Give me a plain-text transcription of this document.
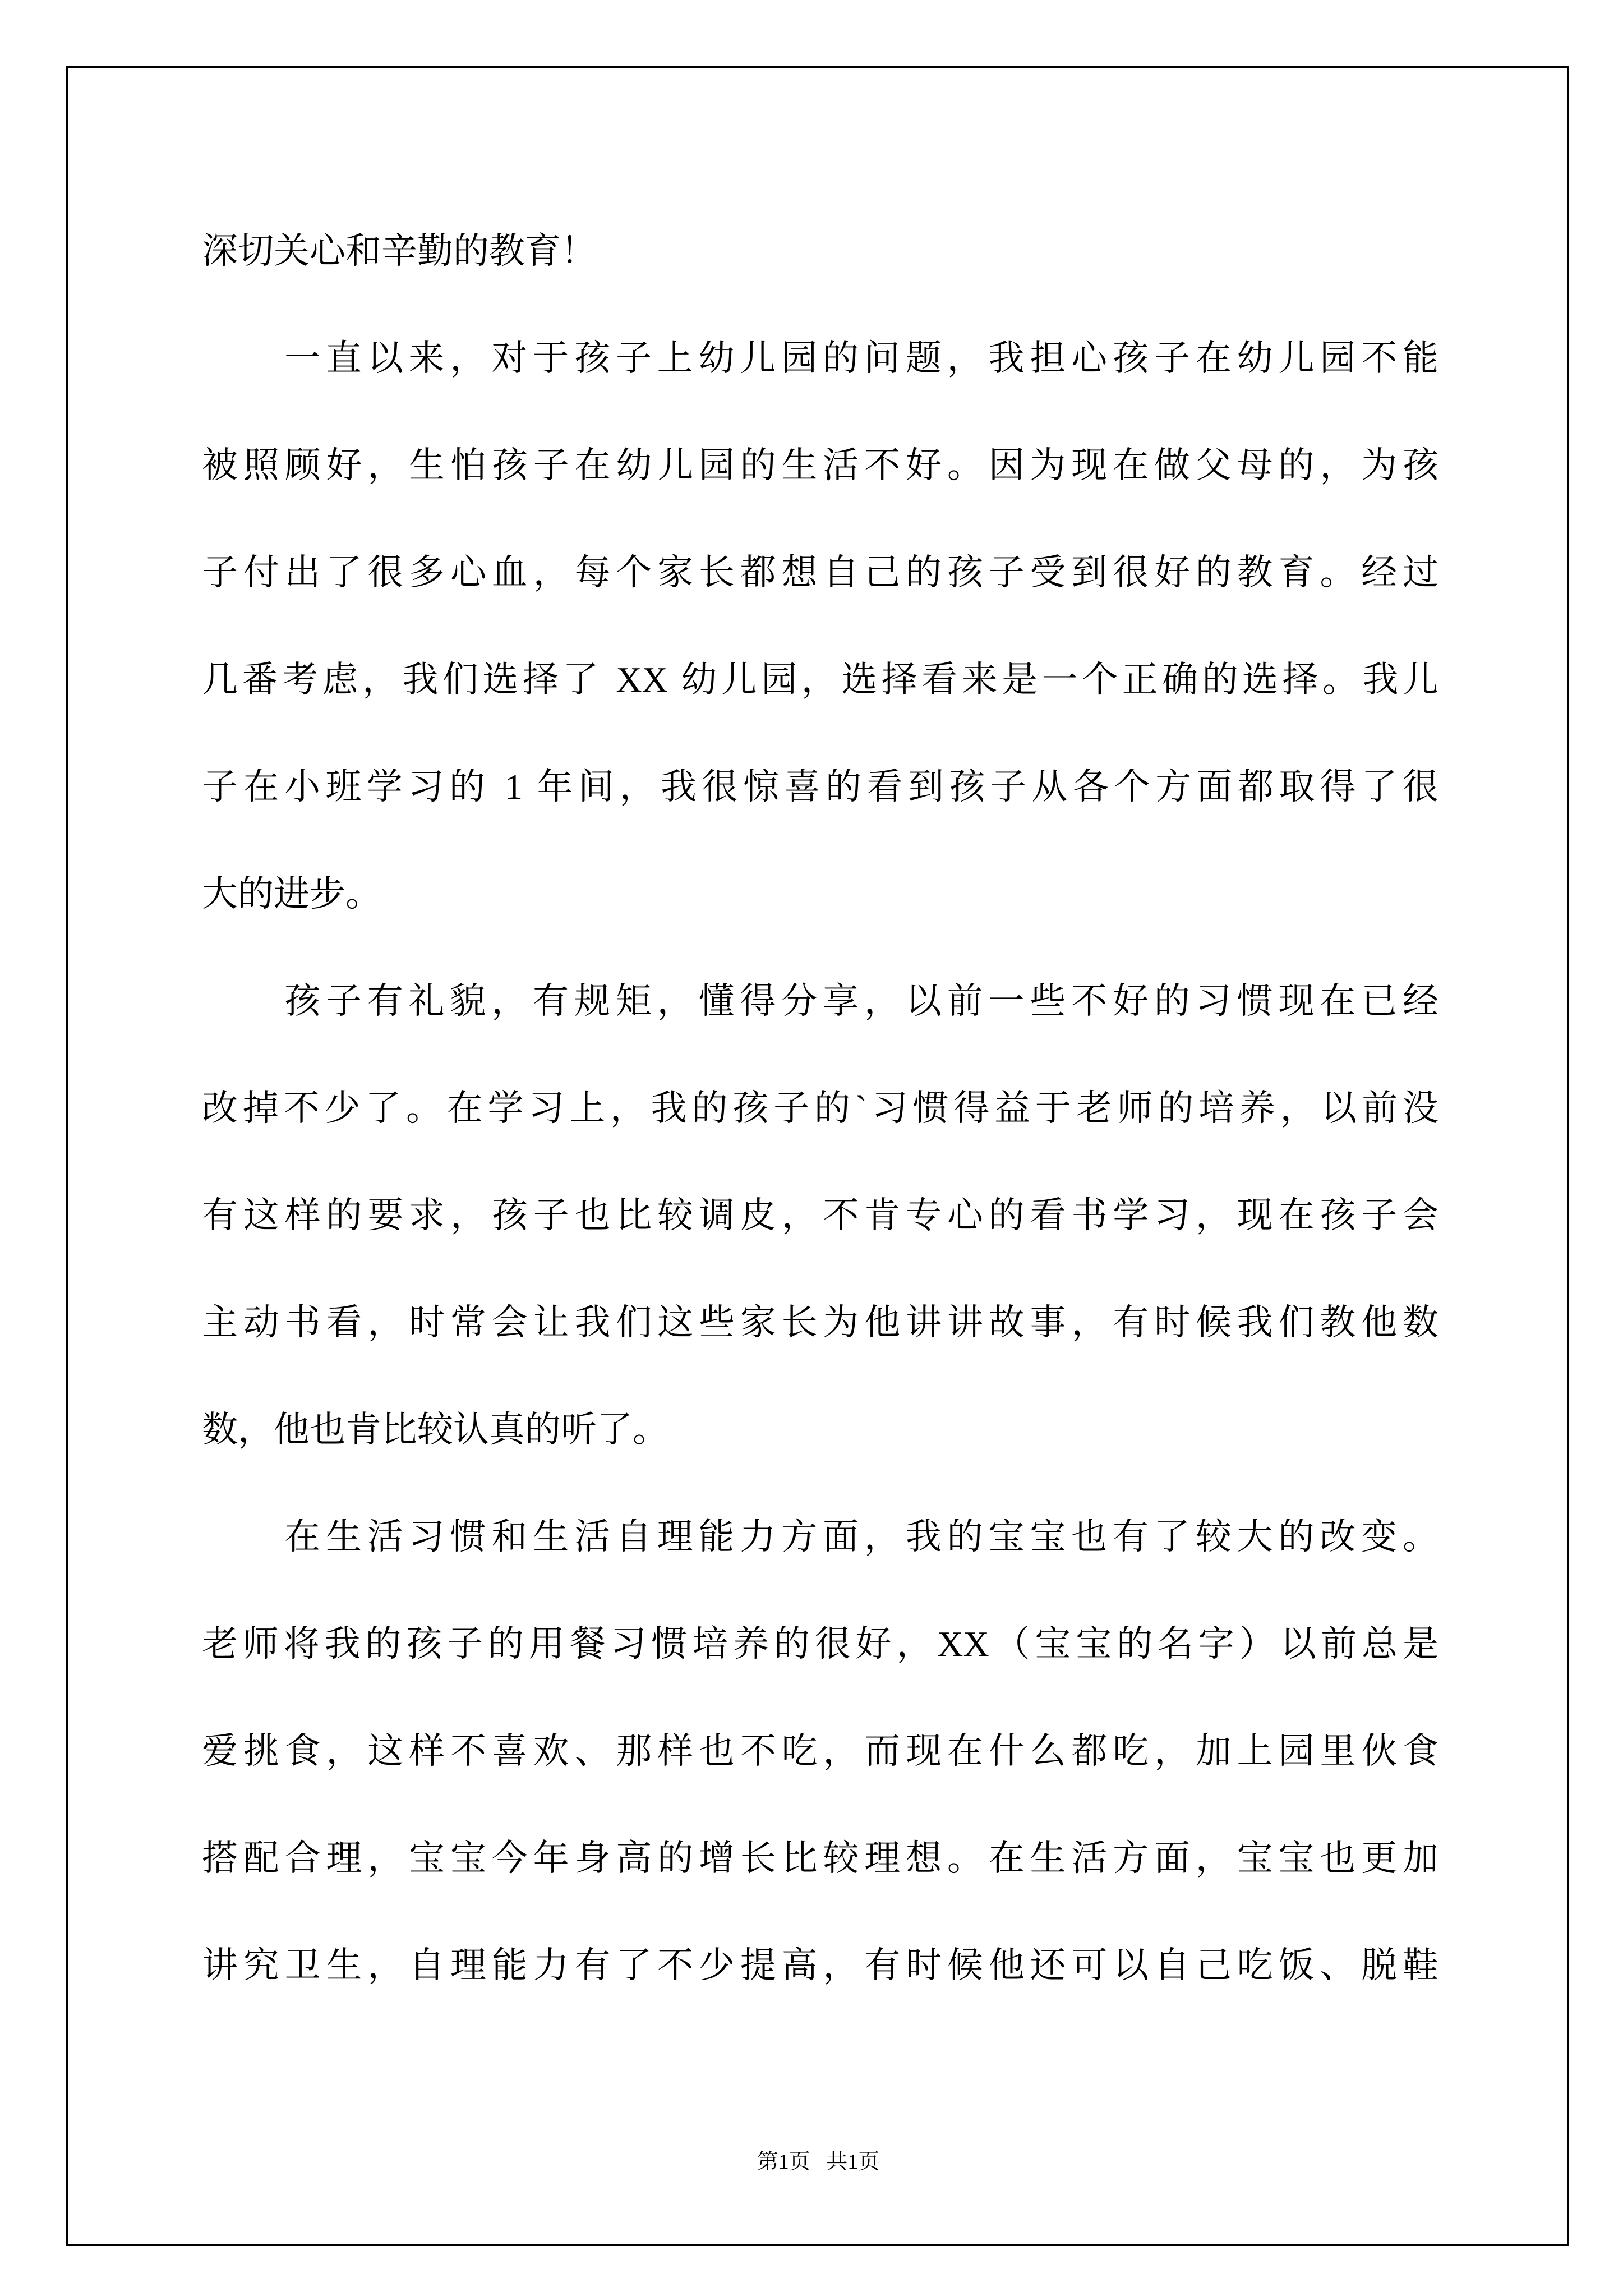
深切关心和辛勤的教育！
一直以来，对于孩子上幼儿园的问题，我担心孩子在幼儿园不能
被照顾好，生怕孩子在幼儿园的生活不好。因为现在做父母的，为孩
子付出了很多心血，每个家长都想自己的孩子受到很好的教育。经过
几番考虑，我们选择了 XX 幼儿园，选择看来是一个正确的选择。我儿
子在小班学习的 1 年间，我很惊喜的看到孩子从各个方面都取得了很
大的进步。
孩子有礼貌，有规矩，懂得分享，以前一些不好的习惯现在已经
改掉不少了。在学习上，我的孩子的`习惯得益于老师的培养，以前没
有这样的要求，孩子也比较调皮，不肯专心的看书学习，现在孩子会
主动书看，时常会让我们这些家长为他讲讲故事，有时候我们教他数
数，他也肯比较认真的听了。
在生活习惯和生活自理能力方面，我的宝宝也有了较大的改变。
老师将我的孩子的用餐习惯培养的很好，XX（宝宝的名字）以前总是
爱挑食，这样不喜欢、那样也不吃，而现在什么都吃，加上园里伙食
搭配合理，宝宝今年身高的增长比较理想。在生活方面，宝宝也更加
讲究卫生，自理能力有了不少提高，有时候他还可以自己吃饭、脱鞋
第1页   共1页
